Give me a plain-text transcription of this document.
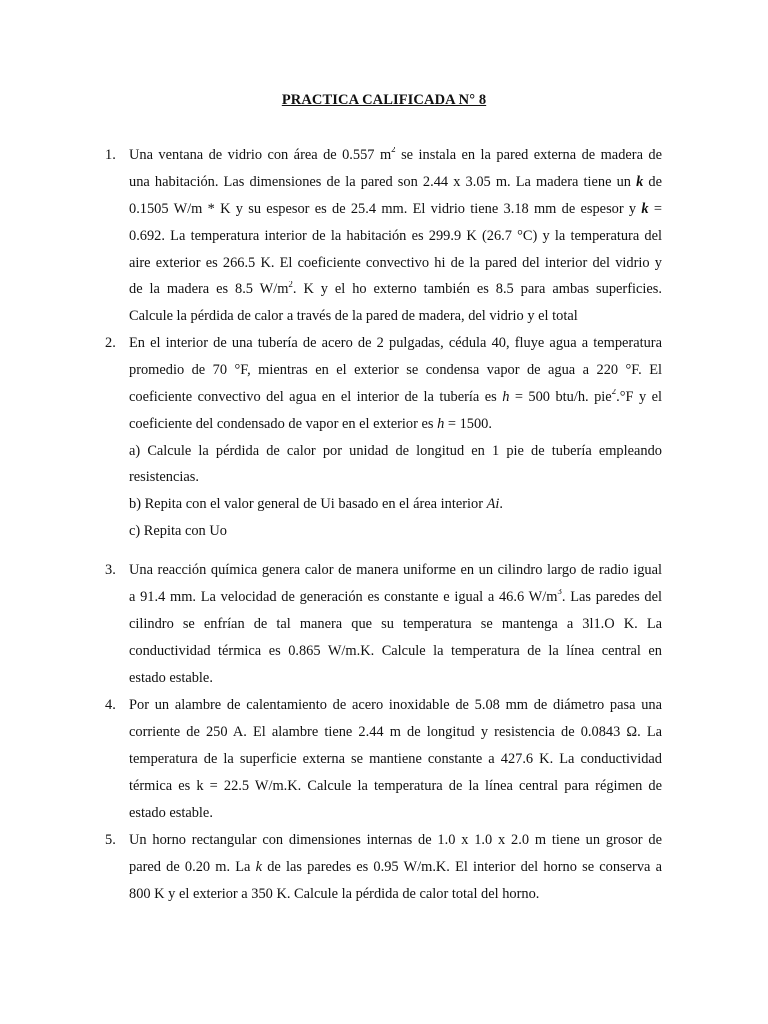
PRACTICA CALIFICADA N° 8
1. Una ventana de vidrio con área de 0.557 $m^2$ se instala en la pared externa de madera de
una habitación. Las dimensiones de la pared son 2.44 x 3.05 m. La madera tiene un k de
0.1505 W/m * K y su espesor es de 25.4 mm. El vidrio tiene 3.18 mm de espesor y k =
0.692. La temperatura interior de la habitación es 299.9 K (26.7 °C) y la temperatura del
aire exterior es 266.5 K. El coeficiente convectivo hi de la pared del interior del vidrio y
de la madera es 8.5 $W/m^2$. K y el ho externo también es 8.5 para ambas superficies.
Calcule la pérdida de calor a través de la pared de madera, del vidrio y el total
2. En el interior de una tubería de acero de 2 pulgadas, cédula 40, fluye agua a temperatura
promedio de 70 °F, mientras en el exterior se condensa vapor de agua a 220 °F. El
coeficiente convectivo del agua en el interior de la tubería es h = 500 btu/h. pie$^2$.°F y el
coeficiente del condensado de vapor en el exterior es h = 1500.
a) Calcule la pérdida de calor por unidad de longitud en 1 pie de tubería empleando
resistencias.
b) Repita con el valor general de Ui basado en el área interior Ai.
c) Repita con Uo
3. Una reacción química genera calor de manera uniforme en un cilindro largo de radio igual
a 91.4 mm. La velocidad de generación es constante e igual a 46.6 $W/m^3$. Las paredes del
cilindro se enfrían de tal manera que su temperatura se mantenga a 3l1.O K. La
conductividad térmica es 0.865 W/m.K. Calcule la temperatura de la línea central en
estado estable.
4. Por un alambre de calentamiento de acero inoxidable de 5.08 mm de diámetro pasa una
corriente de 250 A. El alambre tiene 2.44 m de longitud y resistencia de 0.0843 Ω. La
temperatura de la superficie externa se mantiene constante a 427.6 K. La conductividad
térmica es k = 22.5 W/m.K. Calcule la temperatura de la línea central para régimen de
estado estable.
5. Un horno rectangular con dimensiones internas de 1.0 x 1.0 x 2.0 m tiene un grosor de
pared de 0.20 m. La k de las paredes es 0.95 W/m.K. El interior del horno se conserva a
800 K y el exterior a 350 K. Calcule la pérdida de calor total del horno.
